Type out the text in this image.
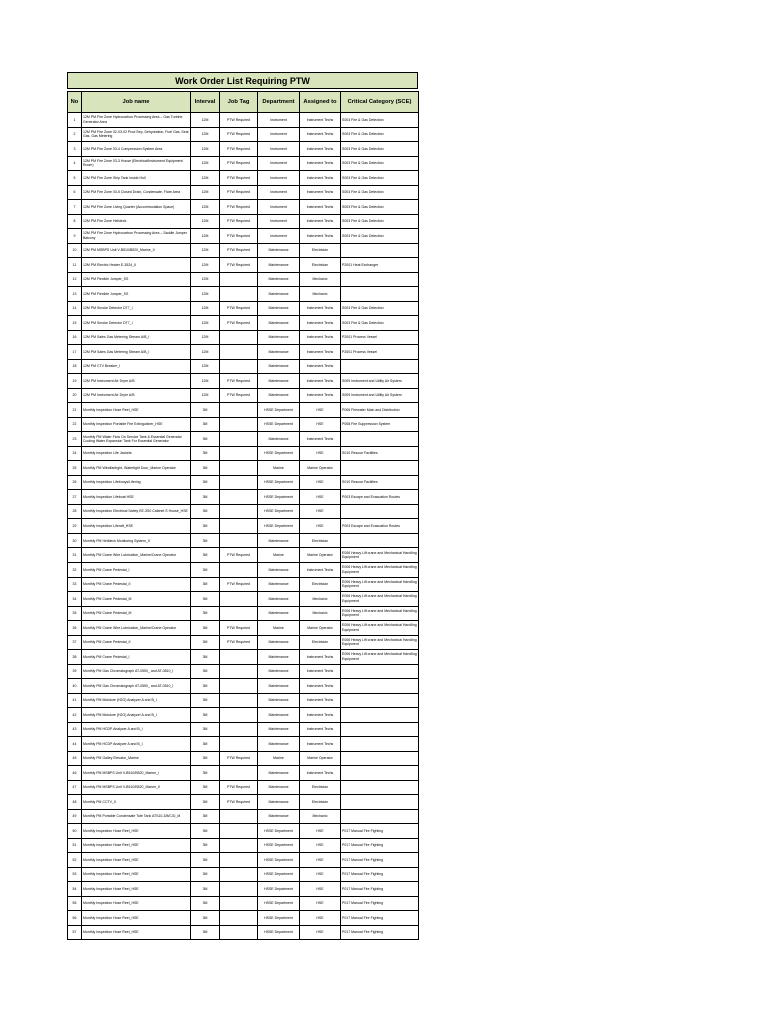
Work Order List Requiring PTW
No	Job name	Interval	Job Tag	Department	Assigned to	Critical Category (SCE)
1	12M PM Fire Zone Hydrocarbon Processing Area – Gas Turbine Generator Area	12M	PTW Required	Instrument	Instrument Techs	S003 Fire & Gas Detection
2	12M PM Fire Zone 02-03-02 Prod Sep, Dehydration, Fuel Gas, Seal Gas, Gas Metering	12M	PTW Required	Instrument	Instrument Techs	S003 Fire & Gas Detection
3	12M PM Fire Zone 03-4 Compression System Area	12M	PTW Required	Instrument	Instrument Techs	S003 Fire & Gas Detection
4	12M PM Fire Zone 03-3 House (Electrical/Instrument Equipment Room)	12M	PTW Required	Instrument	Instrument Techs	S003 Fire & Gas Detection
5	12M PM Fire Zone Ship Tank Inside Hull	12M	PTW Required	Instrument	Instrument Techs	S003 Fire & Gas Detection
6	12M PM Fire Zone 03-5 Closed Drain, Condensate, Flare Area	12M	PTW Required	Instrument	Instrument Techs	S003 Fire & Gas Detection
7	12M PM Fire Zone Living Quarter (Accommodation Space)	12M	PTW Required	Instrument	Instrument Techs	S003 Fire & Gas Detection
8	12M PM Fire Zone Helideck	12M	PTW Required	Instrument	Instrument Techs	S003 Fire & Gas Detection
9	12M PM Fire Zone Hydrocarbon Processing Area – Saddle Jumper Balcony	12M	PTW Required	Instrument	Instrument Techs	S003 Fire & Gas Detection
10	12M PM MSBPS Unit V-B510/B520_Marine_II	12M	PTW Required	Maintenance	Electrician	
11	12M PM Electric Heater E-3524_II	12M	PTW Required	Maintenance	Electrician	P2001 Heat Exchanger
12	12M PM Flexible Jumper_SS	12M		Maintenance	Mechanic	
13	12M PM Flexible Jumper_SS	12M		Maintenance	Mechanic	
14	12M PM Smoke Detector DT7_I	12M	PTW Required	Maintenance	Instrument Techs	S003 Fire & Gas Detection
15	12M PM Smoke Detector DT7_I	12M	PTW Required	Maintenance	Instrument Techs	S003 Fire & Gas Detection
16	12M PM Sales Gas Metering Stream A/B_I	12M		Maintenance	Instrument Techs	P2001 Process Vessel
17	12M PM Sales Gas Metering Stream A/B_I	12M		Maintenance	Instrument Techs	P2001 Process Vessel
18	12M PM CTV Breaker_I	12M		Maintenance	Instrument Techs	
19	12M PM Instrument Air Dryer A/B	12M	PTW Required	Maintenance	Instrument Techs	S009 Instrument and Utility Air System
20	12M PM Instrument Air Dryer A/B	12M	PTW Required	Maintenance	Instrument Techs	S009 Instrument and Utility Air System
21	Monthly Inspection Hose Reel_HSE	3M		HSSE Department	HSE	P006 Firewater Main and Distribution
22	Monthly Inspection Portable Fire Extinguisher_HSE	3M		HSSE Department	HSE	P008 Fire Suppression System
23	Monthly PM Water Flow On Service Tank & Essential Generator Cooling Water Expansion Tank For Essential Generator	3M		Maintenance	Instrument Techs	
24	Monthly Inspection Life Jackets	3M		HSSE Department	HSE	S010 Rescue Facilities
25	Monthly PM Windfaribght, Watertight Door_Marine Operator	3M		Marine	Marine Operator	
26	Monthly Inspection Lifebuoys/Lifering	3M		HSSE Department	HSE	S010 Rescue Facilities
27	Monthly Inspection Lifeboat HSE	3M		HSSE Department	HSE	P003 Escape and Evacuation Routes
28	Monthly Inspection Electrical Safety EE-3S0 Cabinet S House_HSE	3M		HSSE Department	HSE	
29	Monthly Inspection Liferaft_HSE	3M		HSSE Department	HSE	P003 Escape and Evacuation Routes
30	Monthly PM Helideck Monitoring System_II	3M		Maintenance	Electrician	
31	Monthly PM Crane Wire Lubrication_Marine/Crane Operator	3M	PTW Required	Marine	Marine Operator	E006 Heavy Lift crane and Mechanical Handling Equipment
32	Monthly PM Crane Pedestal_I	3M		Maintenance	Instrument Techs	E006 Heavy Lift crane and Mechanical Handling Equipment
33	Monthly PM Crane Pedestal_II	3M	PTW Required	Maintenance	Electrician	E006 Heavy Lift crane and Mechanical Handling Equipment
34	Monthly PM Crane Pedestal_M	3M		Maintenance	Mechanic	E006 Heavy Lift crane and Mechanical Handling Equipment
35	Monthly PM Crane Pedestal_M	3M		Maintenance	Mechanic	E006 Heavy Lift crane and Mechanical Handling Equipment
36	Monthly PM Crane Wire Lubrication_Marine/Crane Operator	3M	PTW Required	Marine	Marine Operator	E006 Heavy Lift crane and Mechanical Handling Equipment
37	Monthly PM Crane Pedestal_II	3M	PTW Required	Maintenance	Electrician	E006 Heavy Lift crane and Mechanical Handling Equipment
38	Monthly PM Crane Pedestal_I	3M		Maintenance	Instrument Techs	E006 Heavy Lift crane and Mechanical Handling Equipment
39	Monthly PM Gas Chromatograph AT-0550_ and AT-0810_I	3M		Maintenance	Instrument Techs	
40	Monthly PM Gas Chromatograph AT-0550_ and AT-0810_I	3M		Maintenance	Instrument Techs	
41	Monthly PM Moisture (H2O) Analyzer A and B_I	3M		Maintenance	Instrument Techs	
42	Monthly PM Moisture (H2O) Analyzer A and B_I	3M		Maintenance	Instrument Techs	
43	Monthly PM HCDP Analyzer A and B_I	3M		Maintenance	Instrument Techs	
44	Monthly PM HCDP Analyzer A and B_I	3M		Maintenance	Instrument Techs	
45	Monthly PM Galley Elevator_Marine	3M	PTW Required	Marine	Marine Operator	
46	Monthly PM MSBPS Unit V-B510/B520_Marine_I	3M		Maintenance	Instrument Techs	
47	Monthly PM MSBPS Unit V-B510/B520_Marine_II	3M	PTW Required	Maintenance	Electrician	
48	Monthly PM CCTV_II	3M	PTW Required	Maintenance	Electrician	
49	Monthly PM Portable Condensate Tote Tank ATS10-3/8/C/D_M	3M		Maintenance	Mechanic	
50	Monthly Inspection Hose Reel_HSE	3M		HSSE Department	HSE	P017 Manual Fire Fighting
51	Monthly Inspection Hose Reel_HSE	3M		HSSE Department	HSE	P017 Manual Fire Fighting
52	Monthly Inspection Hose Reel_HSE	3M		HSSE Department	HSE	P017 Manual Fire Fighting
53	Monthly Inspection Hose Reel_HSE	3M		HSSE Department	HSE	P017 Manual Fire Fighting
54	Monthly Inspection Hose Reel_HSE	3M		HSSE Department	HSE	P017 Manual Fire Fighting
55	Monthly Inspection Hose Reel_HSE	3M		HSSE Department	HSE	P017 Manual Fire Fighting
56	Monthly Inspection Hose Reel_HSE	3M		HSSE Department	HSE	P017 Manual Fire Fighting
57	Monthly Inspection Hose Reel_HSE	3M		HSSE Department	HSE	P017 Manual Fire Fighting
